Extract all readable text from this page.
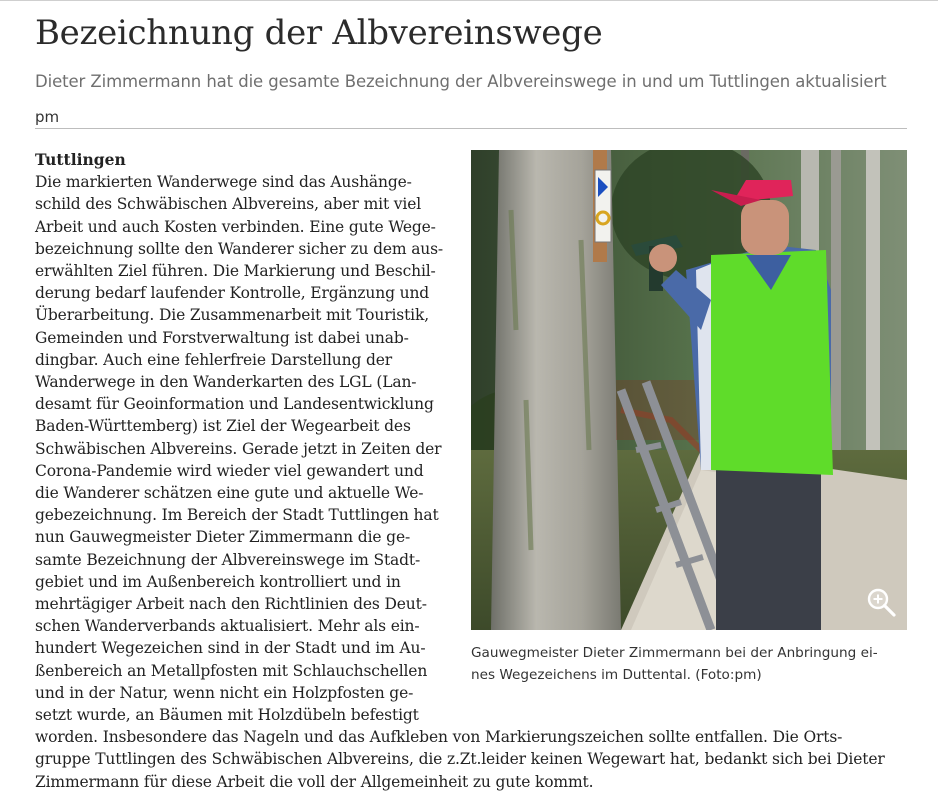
Bezeichnung der Albvereinswege
Dieter Zimmermann hat die gesamte Bezeichnung der Albvereinswege in und um Tuttlingen aktualisiert
pm
Gauwegmeister Dieter Zimmermann bei der Anbringung ei-
nes Wegezeichens im Duttental. (Foto:pm)
Tuttlingen
Die markierten Wanderwege sind das Aushänge-
schild des Schwäbischen Albvereins, aber mit viel
Arbeit und auch Kosten verbinden. Eine gute Wege-
bezeichnung sollte den Wanderer sicher zu dem aus-
erwählten Ziel führen. Die Markierung und Beschil-
derung bedarf laufender Kontrolle, Ergänzung und
Überarbeitung. Die Zusammenarbeit mit Touristik,
Gemeinden und Forstverwaltung ist dabei unab-
dingbar. Auch eine fehlerfreie Darstellung der
Wanderwege in den Wanderkarten des LGL (Lan-
desamt für Geoinformation und Landesentwicklung
Baden-Württemberg) ist Ziel der Wegearbeit des
Schwäbischen Albvereins. Gerade jetzt in Zeiten der
Corona-Pandemie wird wieder viel gewandert und
die Wanderer schätzen eine gute und aktuelle We-
gebezeichnung. Im Bereich der Stadt Tuttlingen hat
nun Gauwegmeister Dieter Zimmermann die ge-
samte Bezeichnung der Albvereinswege im Stadt-
gebiet und im Außenbereich kontrolliert und in
mehrtägiger Arbeit nach den Richtlinien des Deut-
schen Wanderverbands aktualisiert. Mehr als ein-
hundert Wegezeichen sind in der Stadt und im Au-
ßenbereich an Metallpfosten mit Schlauchschellen
und in der Natur, wenn nicht ein Holzpfosten ge-
setzt wurde, an Bäumen mit Holzdübeln befestigt
worden. Insbesondere das Nageln und das Aufkleben von Markierungszeichen sollte entfallen. Die Orts-
gruppe Tuttlingen des Schwäbischen Albvereins, die z.Zt.leider keinen Wegewart hat, bedankt sich bei Dieter
Zimmermann für diese Arbeit die voll der Allgemeinheit zu gute kommt.
